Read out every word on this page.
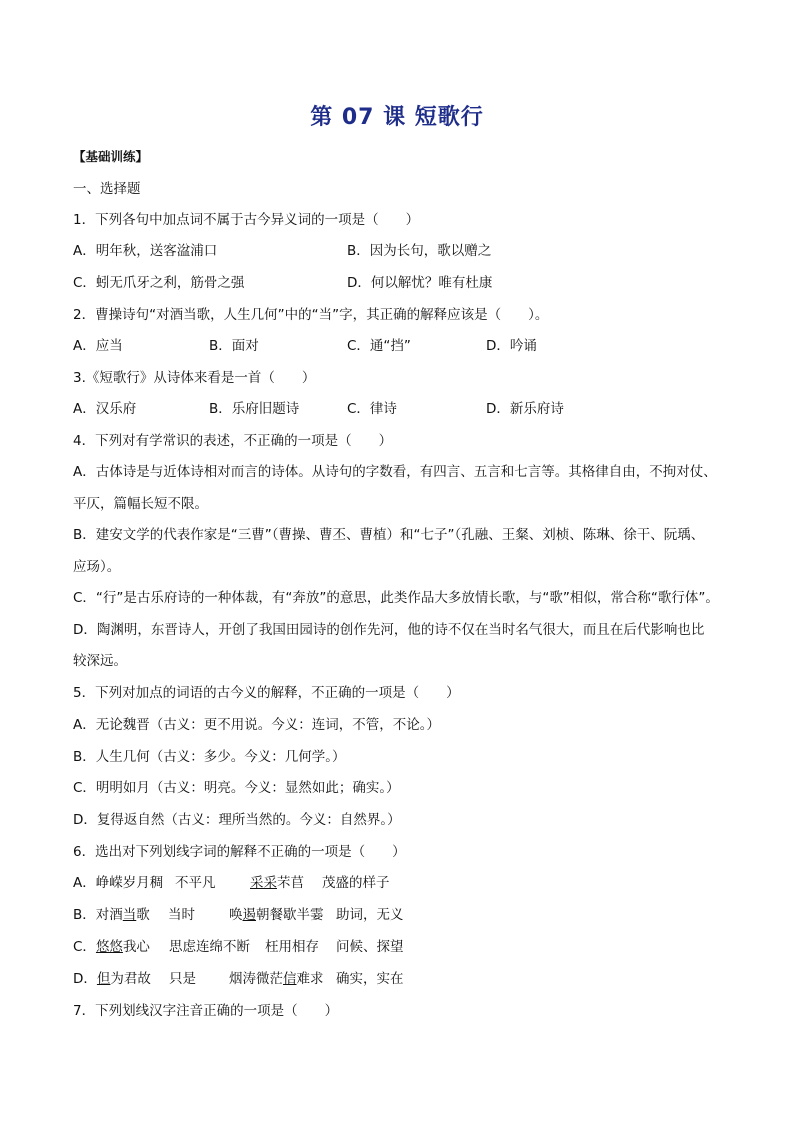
第 07 课 短歌行
【基础训练】
一、选择题
1．下列各句中加点词不属于古今异义词的一项是（　　）
A．明年秋，送客湓浦口	B．因为长句，歌以赠之
C．蚓无爪牙之利，筋骨之强	D．何以解忧？唯有杜康
2．曹操诗句“对酒当歌，人生几何”中的“当”字，其正确的解释应该是（　　）。
A．应当	B．面对	C．通“挡”	D．吟诵
3.《短歌行》从诗体来看是一首（　　）
A．汉乐府	B．乐府旧题诗	C．律诗	D．新乐府诗
4．下列对有学常识的表述，不正确的一项是（　　）
A．古体诗是与近体诗相对而言的诗体。从诗句的字数看，有四言、五言和七言等。其格律自由，不拘对仗、
平仄，篇幅长短不限。
B．建安文学的代表作家是“三曹”（曹操、曹丕、曹植）和“七子”（孔融、王粲、刘桢、陈琳、徐干、阮瑀、
应玚）。
C．“行”是古乐府诗的一种体裁，有“奔放”的意思，此类作品大多放情长歌，与“歌”相似，常合称“歌行体”。
D．陶渊明，东晋诗人，开创了我国田园诗的创作先河，他的诗不仅在当时名气很大，而且在后代影响也比
较深远。
5．下列对加点的词语的古今义的解释，不正确的一项是（　　）
A．无论魏晋（古义：更不用说。今义：连词，不管，不论。）
B．人生几何（古义：多少。今义：几何学。）
C．明明如月（古义：明亮。今义：显然如此；确实。）
D．复得返自然（古义：理所当然的。今义：自然界。）
6．选出对下列划线字词的解释不正确的一项是（　　）
A．峥嵘岁月稠 不平凡	采采芣苢 茂盛的样子
B．对酒当歌 当时	唤遏朝餐歇半霎 助词，无义
C．悠悠我心 思虑连绵不断 枉用相存 问候、探望
D．但为君故 只是 烟涛微茫信难求 确实，实在
7．下列划线汉字注音正确的一项是（　　）
